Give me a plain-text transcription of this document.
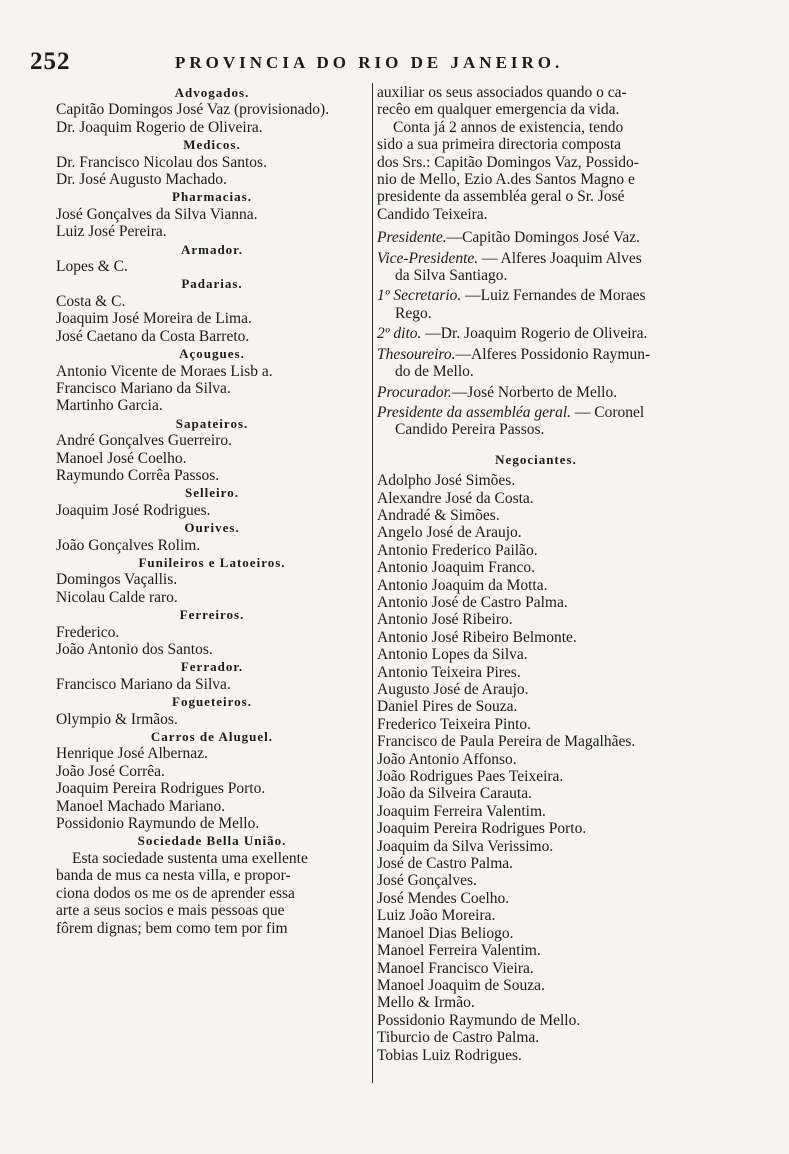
252	PROVINCIA DO RIO DE JANEIRO.
Advogados.
Capitão Domingos José Vaz (provisionado).
Dr. Joaquim Rogerio de Oliveira.
Medicos.
Dr. Francisco Nicolau dos Santos.
Dr. José Augusto Machado.
Pharmacias.
José Gonçalves da Silva Vianna.
Luiz José Pereira.
Armador.
Lopes & C.
Padarias.
Costa & C.
Joaquim José Moreira de Lima.
José Caetano da Costa Barreto.
Açougues.
Antonio Vicente de Moraes Lisb a.
Francisco Mariano da Silva.
Martinho Garcia.
Sapateiros.
André Gonçalves Guerreiro.
Manoel José Coelho.
Raymundo Corrêa Passos.
Selleiro.
Joaquim José Rodrigues.
Ourives.
João Gonçalves Rolim.
Funileiros e Latoeiros.
Domingos Vaçallis.
Nicolau Calde raro.
Ferreiros.
Frederico.
João Antonio dos Santos.
Ferrador.
Francisco Mariano da Silva.
Fogueteiros.
Olympio & Irmãos.
Carros de Aluguel.
Henrique José Albernaz.
João José Corrêa.
Joaquim Pereira Rodrigues Porto.
Manoel Machado Mariano.
Possidonio Raymundo de Mello.
Sociedade Bella União.
Esta sociedade sustenta uma exellente
banda de mus ca nesta villa, e propor-
ciona dodos os me os de aprender essa
arte a seus socios e mais pessoas que
fôrem dignas; bem como tem por fim
auxiliar os seus associados quando o ca-
recêo em qualquer emergencia da vida.
Conta já 2 annos de existencia, tendo
sido a sua primeira directoria composta
dos Srs.: Capitão Domingos Vaz, Possido-
nio de Mello, Ezio A.des Santos Magno e
presidente da assembléa geral o Sr. José
Candido Teixeira.
Presidente.—Capitão Domingos José Vaz.
Vice-Presidente. — Alferes Joaquim Alves
da Silva Santiago.
1º Secretario. —Luiz Fernandes de Moraes
Rego.
2º dito. —Dr. Joaquim Rogerio de Oliveira.
Thesoureiro.—Alferes Possidonio Raymun-
do de Mello.
Procurador.—José Norberto de Mello.
Presidente da assembléa geral. — Coronel
Candido Pereira Passos.
Negociantes.
Adolpho José Simões.
Alexandre José da Costa.
Andradé & Simões.
Angelo José de Araujo.
Antonio Frederico Pailão.
Antonio Joaquim Franco.
Antonio Joaquim da Motta.
Antonio José de Castro Palma.
Antonio José Ribeiro.
Antonio José Ribeiro Belmonte.
Antonio Lopes da Silva.
Antonio Teixeira Pires.
Augusto José de Araujo.
Daniel Pires de Souza.
Frederico Teixeira Pinto.
Francisco de Paula Pereira de Magalhães.
João Antonio Affonso.
João Rodrigues Paes Teixeira.
João da Silveira Carauta.
Joaquim Ferreira Valentim.
Joaquim Pereira Rodrigues Porto.
Joaquim da Silva Verissimo.
José de Castro Palma.
José Gonçalves.
José Mendes Coelho.
Luiz João Moreira.
Manoel Dias Beliogo.
Manoel Ferreira Valentim.
Manoel Francisco Vieira.
Manoel Joaquim de Souza.
Mello & Irmão.
Possidonio Raymundo de Mello.
Tiburcio de Castro Palma.
Tobias Luiz Rodrigues.
